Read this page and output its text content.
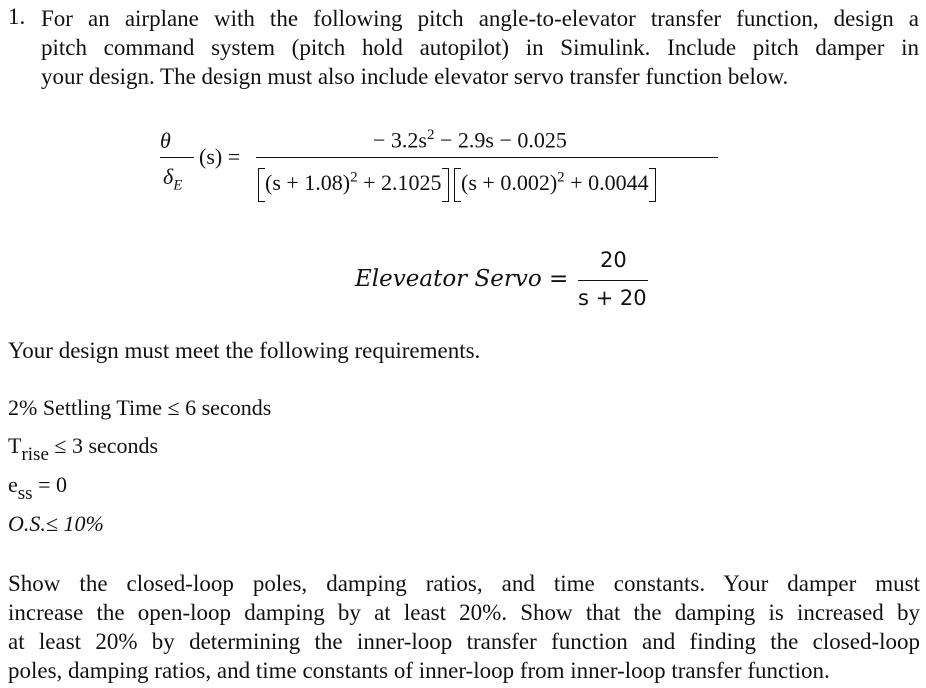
1. For an airplane with the following pitch angle-to-elevator transfer function, design a
pitch command system (pitch hold autopilot) in Simulink. Include pitch damper in
your design. The design must also include elevator servo transfer function below.
θ
$\delta_E$
(s) =
− $3.2s^2 - 2.9s - 0.025$
$(s + 1.08)^2 + 2.1025$ $(s + 0.002)^2 + 0.0044$
Eleveator Servo =
20
s + 20
Your design must meet the following requirements.
2% Settling Time ≤ 6 seconds
$T_{rise} \le 3$ seconds
$e_{ss} = 0$
O.S.≤ 10%
Show the closed-loop poles, damping ratios, and time constants. Your damper must
increase the open-loop damping by at least 20%. Show that the damping is increased by
at least 20% by determining the inner-loop transfer function and finding the closed-loop
poles, damping ratios, and time constants of inner-loop from inner-loop transfer function.
